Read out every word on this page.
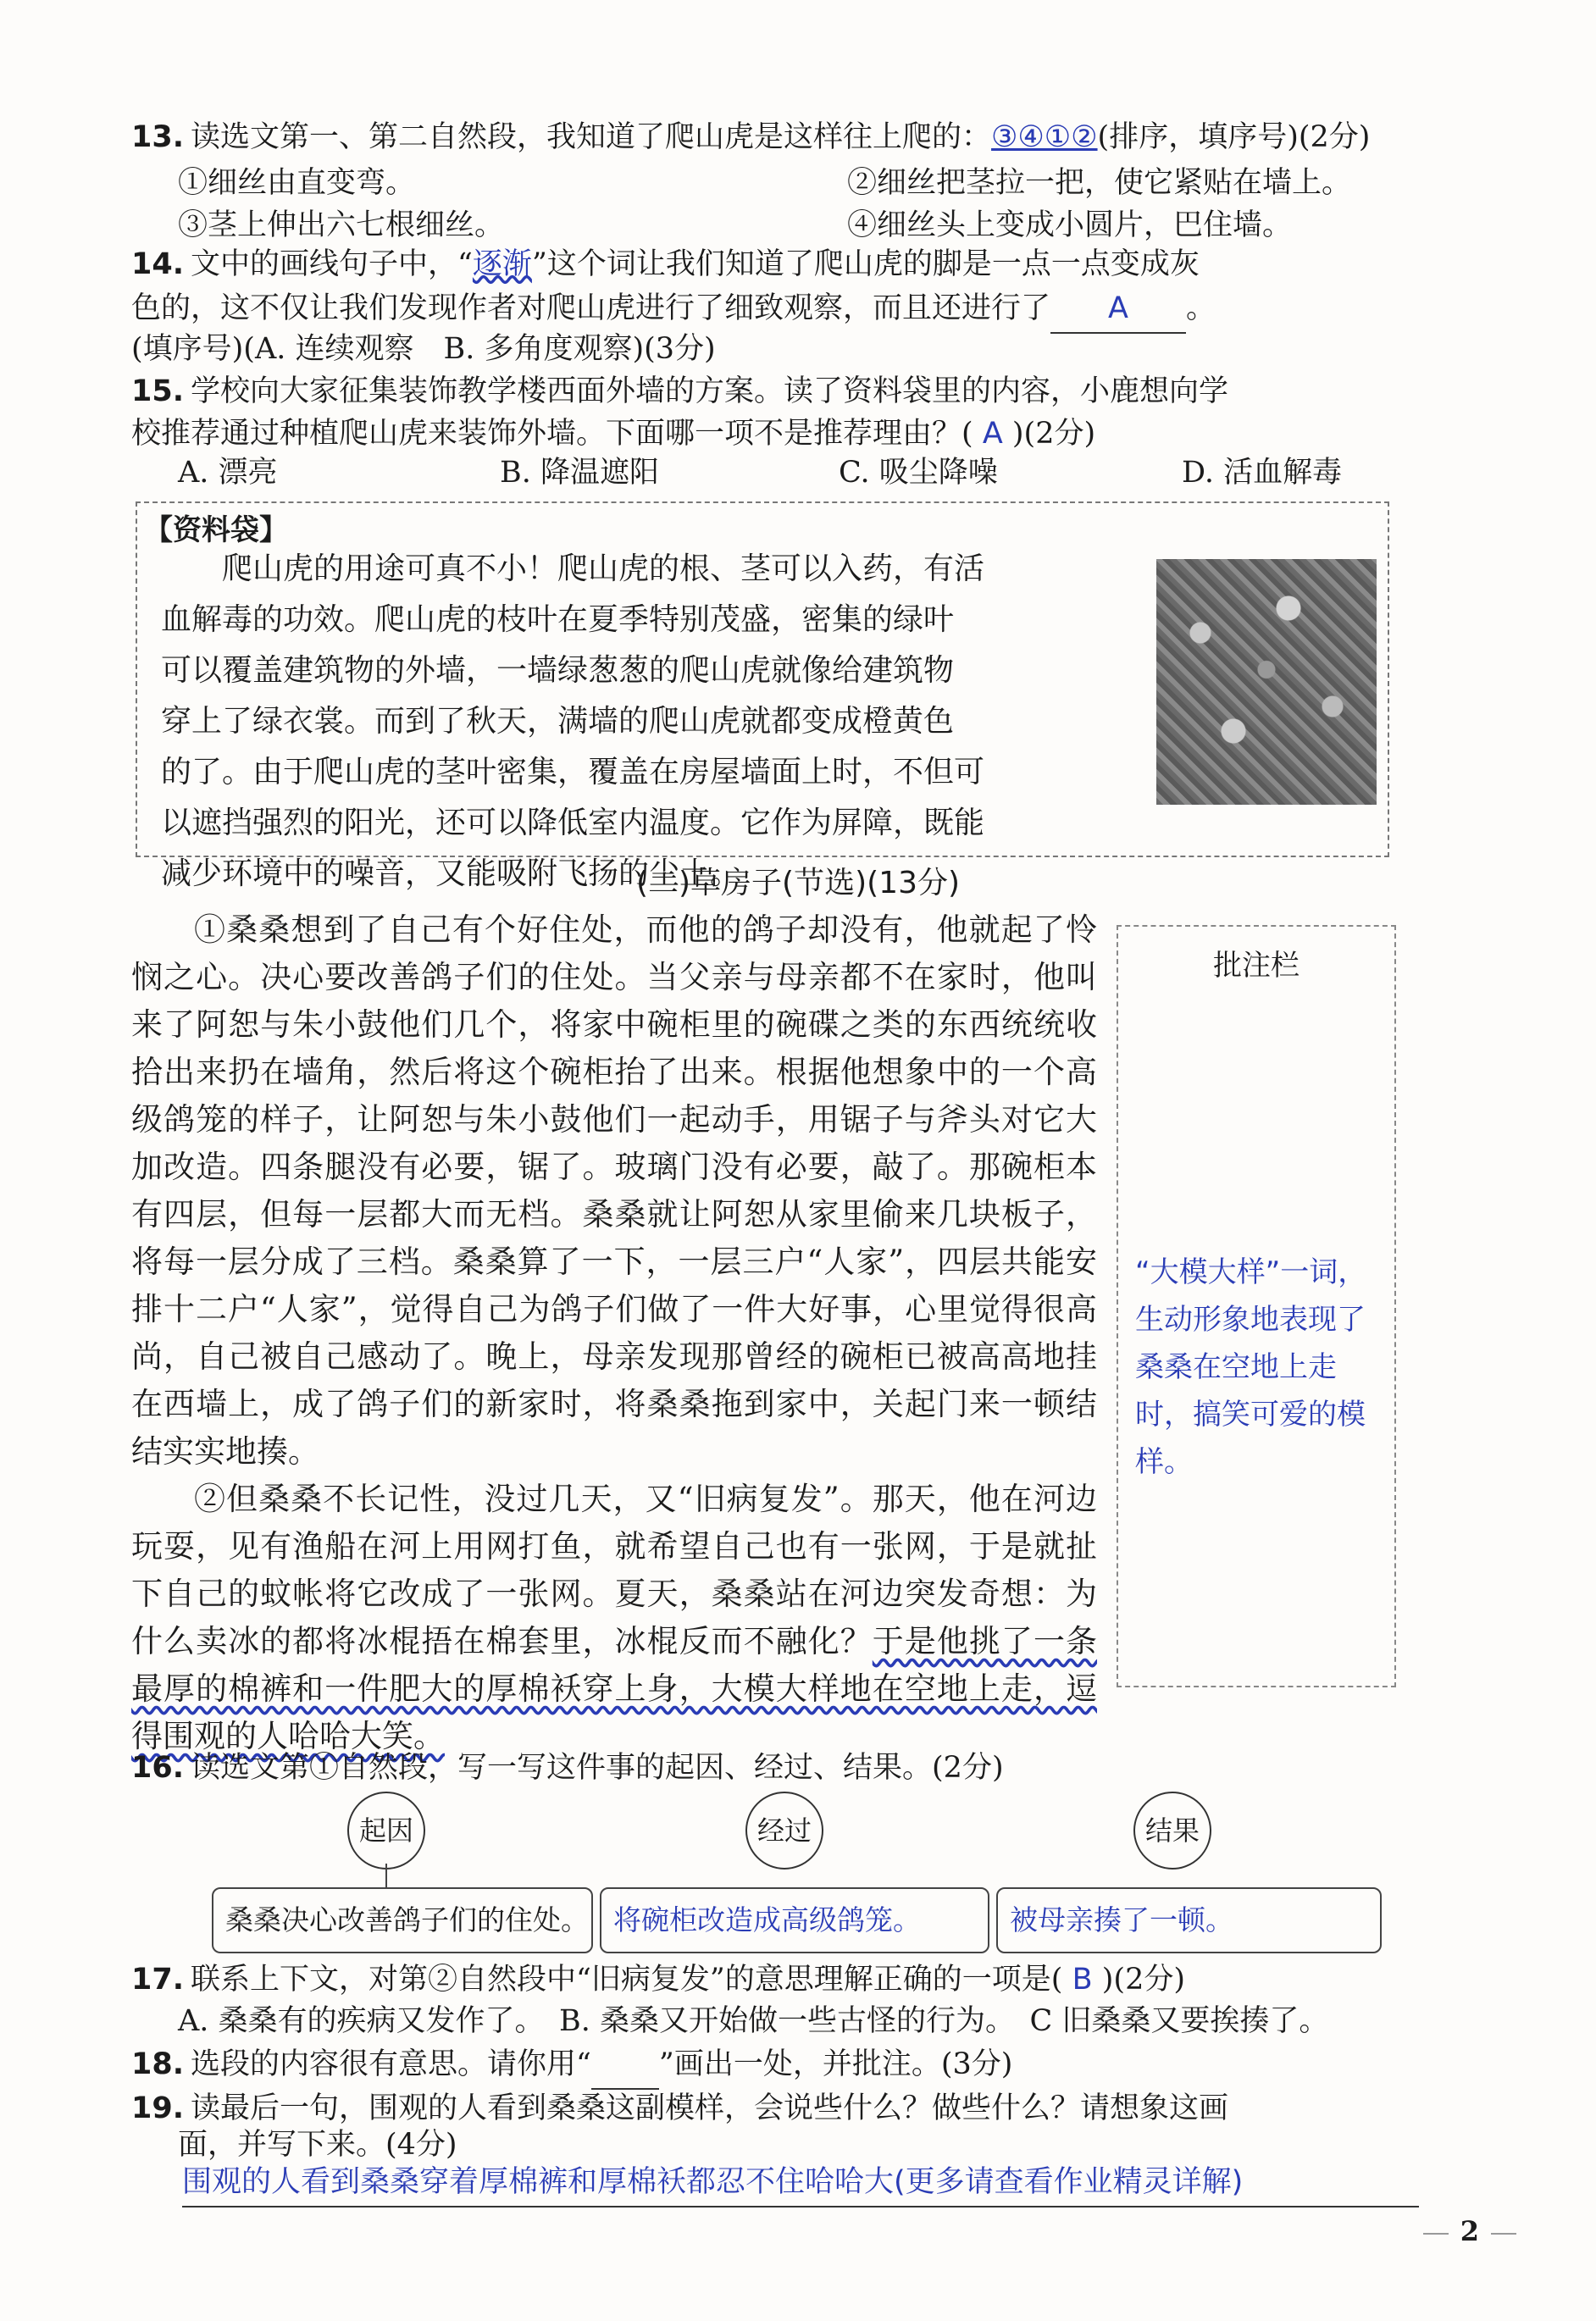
13. 读选文第一、第二自然段，我知道了爬山虎是这样往上爬的：③④①②(排序，填序号)(2分)
①细丝由直变弯。	②细丝把茎拉一把，使它紧贴在墙上。
③茎上伸出六七根细丝。	④细丝头上变成小圆片，巴住墙。
14. 文中的画线句子中，“逐渐”这个词让我们知道了爬山虎的脚是一点一点变成灰
色的，这不仅让我们发现作者对爬山虎进行了细致观察，而且还进行了 A 。
(填序号)(A. 连续观察　B. 多角度观察)(3分)
15. 学校向大家征集装饰教学楼西面外墙的方案。读了资料袋里的内容，小鹿想向学
校推荐通过种植爬山虎来装饰外墙。下面哪一项不是推荐理由？( A )(2分)
A. 漂亮	B. 降温遮阳	C. 吸尘降噪	D. 活血解毒
【资料袋】

　　爬山虎的用途可真不小！爬山虎的根、茎可以入药，有活

血解毒的功效。爬山虎的枝叶在夏季特别茂盛，密集的绿叶

可以覆盖建筑物的外墙，一墙绿葱葱的爬山虎就像给建筑物

穿上了绿衣裳。而到了秋天，满墙的爬山虎就都变成橙黄色

的了。由于爬山虎的茎叶密集，覆盖在房屋墙面上时，不但可

以遮挡强烈的阳光，还可以降低室内温度。它作为屏障，既能

减少环境中的噪音，又能吸附飞扬的尘土。

(二)草房子(节选)(13分)

①桑桑想到了自己有个好住处，而他的鸽子却没有，他就起了怜悯之心。决心要改善鸽子们的住处。当父亲与母亲都不在家时，他叫来了阿恕与朱小鼓他们几个，将家中碗柜里的碗碟之类的东西统统收拾出来扔在墙角，然后将这个碗柜抬了出来。根据他想象中的一个高级鸽笼的样子，让阿恕与朱小鼓他们一起动手，用锯子与斧头对它大加改造。四条腿没有必要，锯了。玻璃门没有必要，敲了。那碗柜本有四层，但每一层都大而无档。桑桑就让阿恕从家里偷来几块板子，将每一层分成了三档。桑桑算了一下，一层三户“人家”，四层共能安排十二户“人家”，觉得自己为鸽子们做了一件大好事，心里觉得很高尚，自己被自己感动了。晚上，母亲发现那曾经的碗柜已被高高地挂在西墙上，成了鸽子们的新家时，将桑桑拖到家中，关起门来一顿结结实实地揍。

②但桑桑不长记性，没过几天，又“旧病复发”。那天，他在河边玩耍，见有渔船在河上用网打鱼，就希望自己也有一张网，于是就扯下自己的蚊帐将它改成了一张网。夏天，桑桑站在河边突发奇想：为什么卖冰的都将冰棍捂在棉套里，冰棍反而不融化？于是他挑了一条最厚的棉裤和一件肥大的厚棉袄穿上身，大模大样地在空地上走，逗得围观的人哈哈大笑。

批注栏
“大模大样”一词，生动形象地表现了桑桑在空地上走时，搞笑可爱的模样。
16. 读选文第①自然段，写一写这件事的起因、经过、结果。(2分)
起因	经过	结果
桑桑决心改善鸽子们的住处。 将碗柜改造成高级鸽笼。	被母亲揍了一顿。
17. 联系上下文，对第②自然段中“旧病复发”的意思理解正确的一项是( B )(2分)
A. 桑桑有的疾病又发作了。　B. 桑桑又开始做一些古怪的行为。　C 旧桑桑又要挨揍了。
18. 选段的内容很有意思。请你用“ ”画出一处，并批注。(3分)
19. 读最后一句，围观的人看到桑桑这副模样，会说些什么？做些什么？请想象这画
面，并写下来。(4分)
围观的人看到桑桑穿着厚棉裤和厚棉袄都忍不住哈哈大(更多请查看作业精灵详解)
2
